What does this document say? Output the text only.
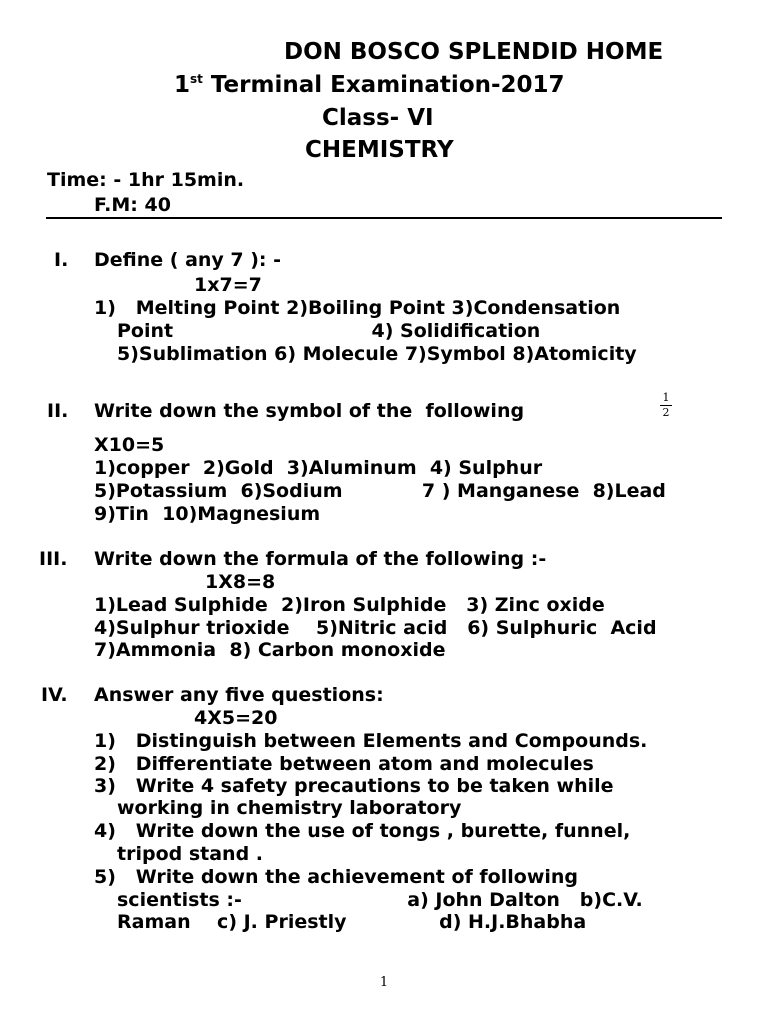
DON BOSCO SPLENDID HOME
1st Terminal Examination-2017
Class- VI
CHEMISTRY
Time: - 1hr 15min.
F.M: 40
I. Define ( any 7 ): -
1x7=7
1)   Melting Point 2)Boiling Point 3)Condensation
Point                              4) Solidification
5)Sublimation 6) Molecule 7)Symbol 8)Atomicity
II. Write down the symbol of the  following
1
2
X10=5
1)copper  2)Gold  3)Aluminum  4) Sulphur
5)Potassium  6)Sodium            7 ) Manganese  8)Lead
9)Tin  10)Magnesium
III. Write down the formula of the following :-
1X8=8
1)Lead Sulphide  2)Iron Sulphide   3) Zinc oxide
4)Sulphur trioxide    5)Nitric acid   6) Sulphuric  Acid
7)Ammonia  8) Carbon monoxide
IV. Answer any five questions:
4X5=20
1)   Distinguish between Elements and Compounds.
2)   Differentiate between atom and molecules
3)   Write 4 safety precautions to be taken while
working in chemistry laboratory
4)   Write down the use of tongs , burette, funnel,
tripod stand .
5)   Write down the achievement of following
scientists :-                         a) John Dalton   b)C.V.
Raman    c) J. Priestly              d) H.J.Bhabha
1
